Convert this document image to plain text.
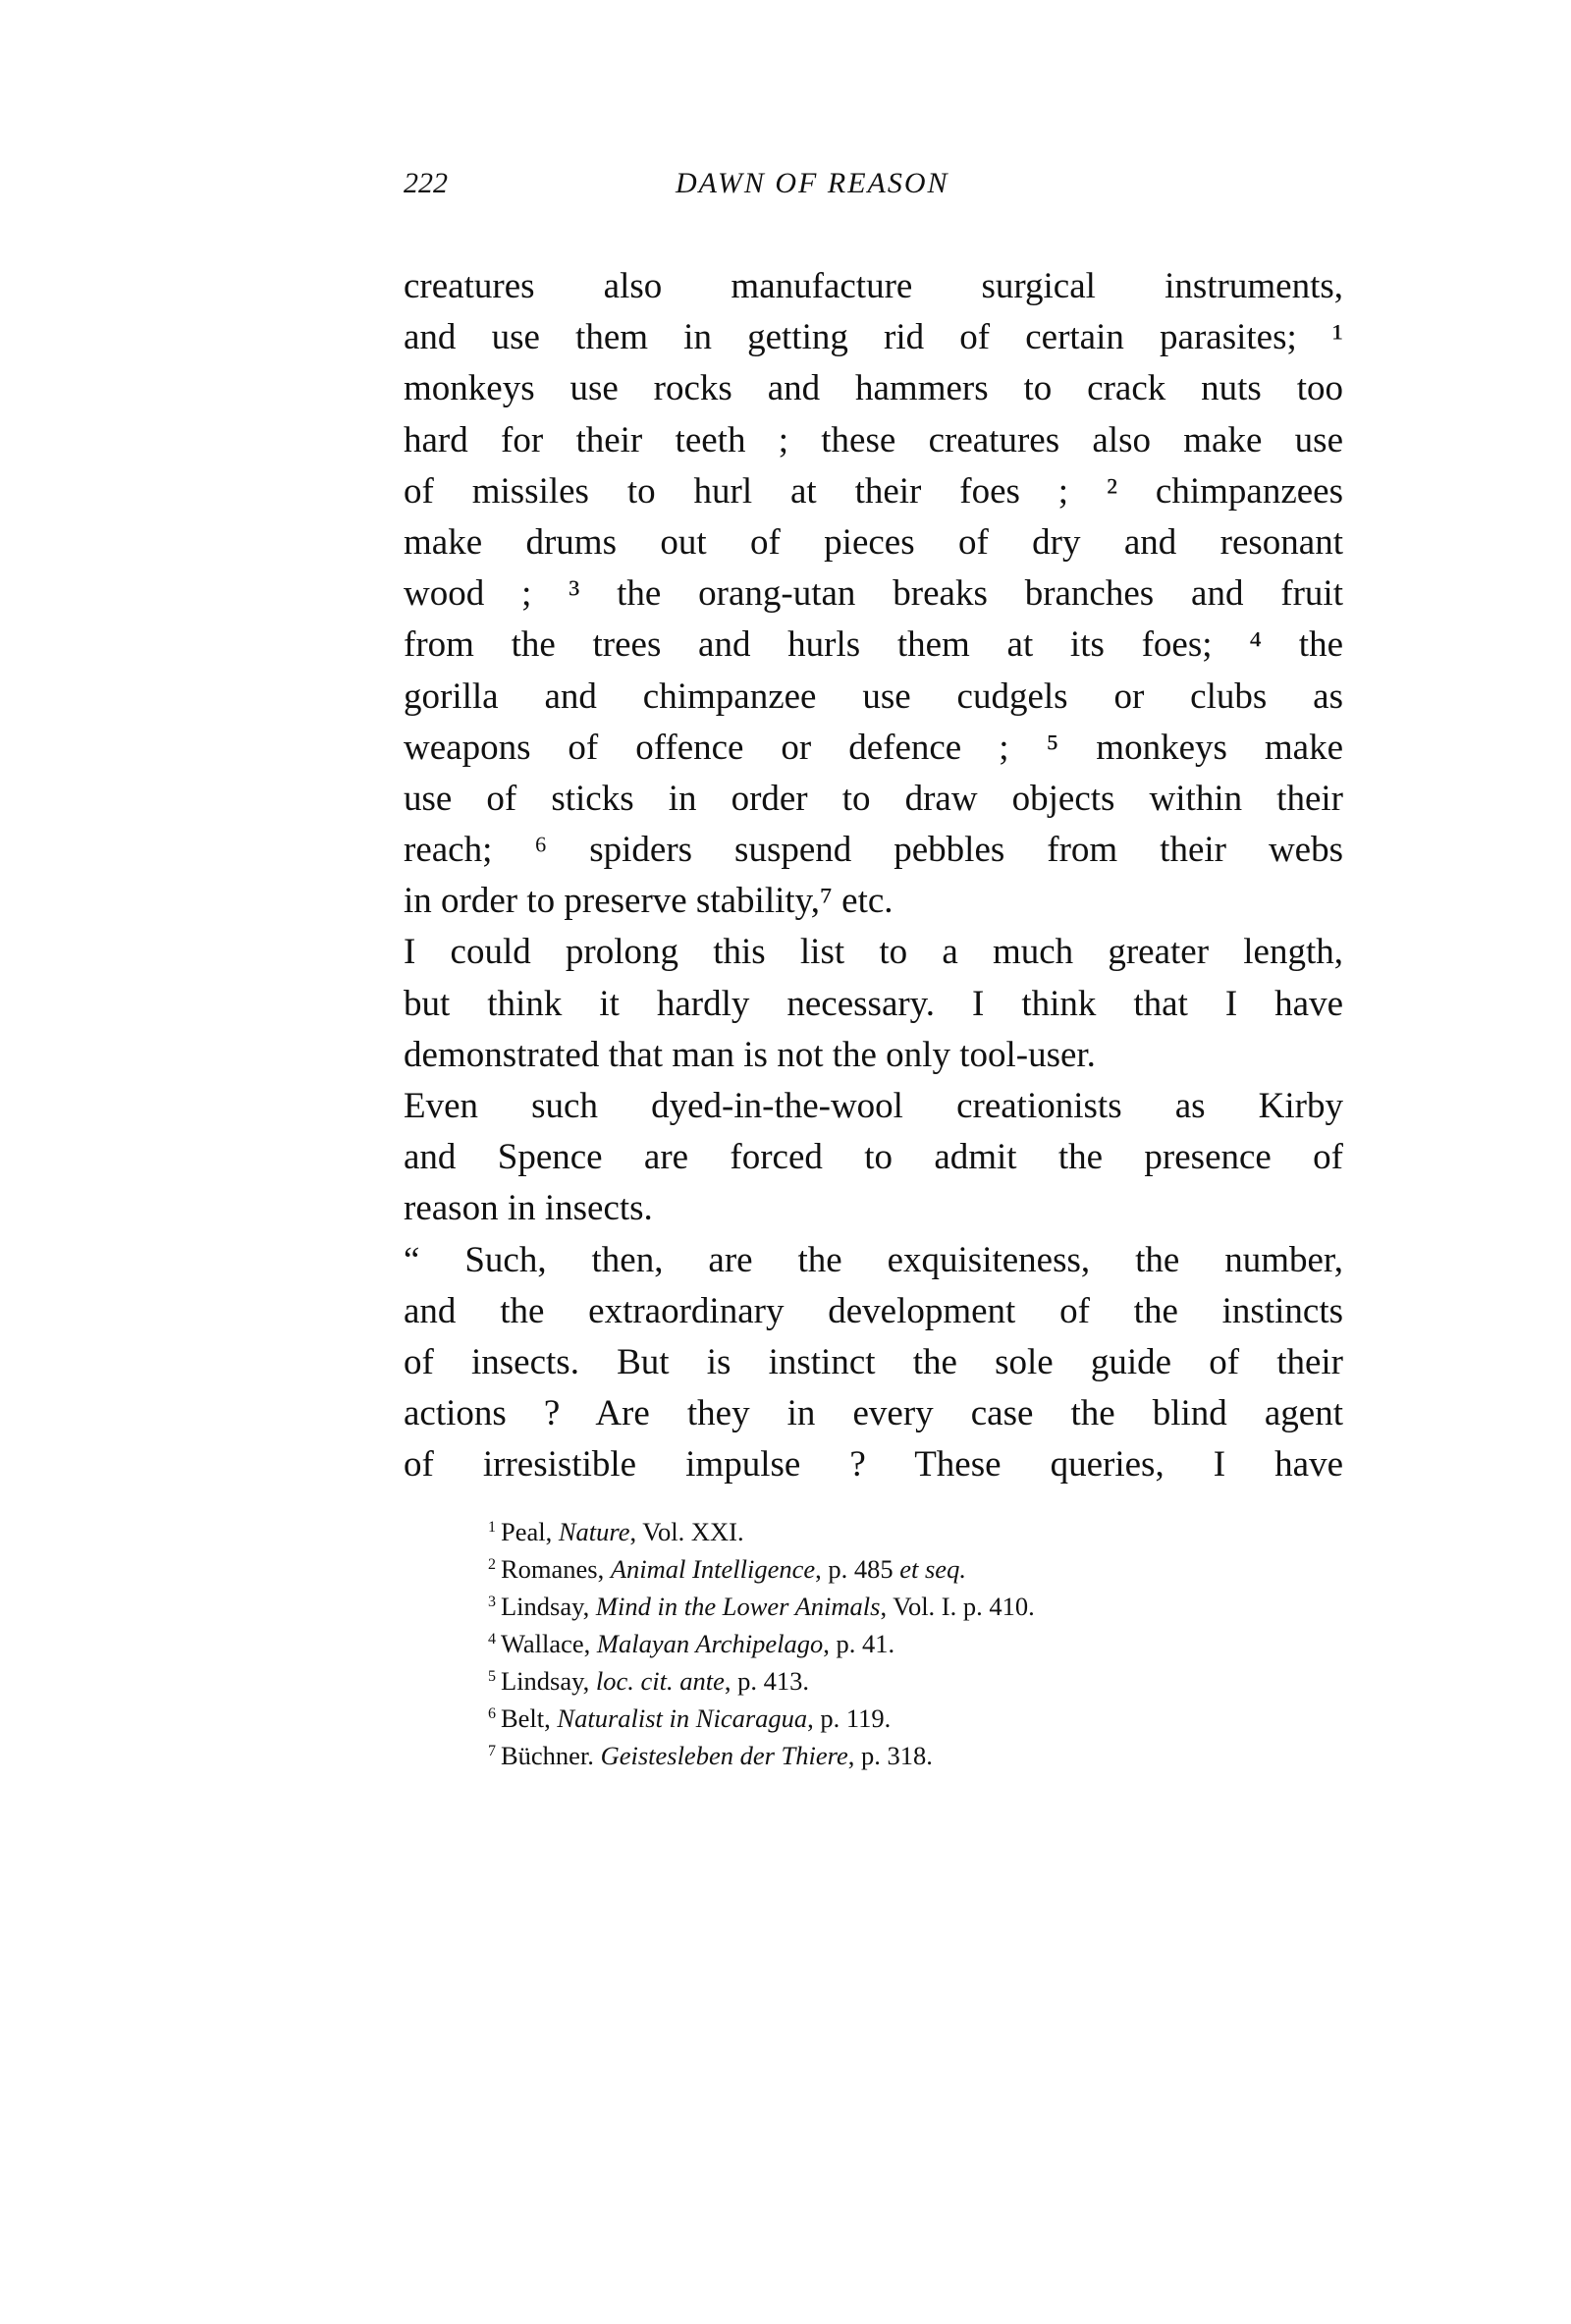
222	DAWN OF REASON
creatures also manufacture surgical instruments,
and use them in getting rid of certain parasites; ¹
monkeys use rocks and hammers to crack nuts too
hard for their teeth ; these creatures also make use
of missiles to hurl at their foes ; ² chimpanzees
make drums out of pieces of dry and resonant
wood ; ³ the orang-utan breaks branches and fruit
from the trees and hurls them at its foes; ⁴ the
gorilla and chimpanzee use cudgels or clubs as
weapons of offence or defence ; ⁵ monkeys make
use of sticks in order to draw objects within their
reach; ⁶ spiders suspend pebbles from their webs
in order to preserve stability,⁷ etc.
I could prolong this list to a much greater length,
but think it hardly necessary. I think that I have
demonstrated that man is not the only tool-user.
Even such dyed-in-the-wool creationists as Kirby
and Spence are forced to admit the presence of
reason in insects.
“ Such, then, are the exquisiteness, the number,
and the extraordinary development of the instincts
of insects. But is instinct the sole guide of their
actions ? Are they in every case the blind agent
of irresistible impulse ? These queries, I have
$^1$ Peal, Nature, Vol. XXI.
$^2$ Romanes, Animal Intelligence, p. 485 et seq.
$^3$ Lindsay, Mind in the Lower Animals, Vol. I. p. 410.
$^4$ Wallace, Malayan Archipelago, p. 41.
$^5$ Lindsay, loc. cit. ante, p. 413.
$^6$ Belt, Naturalist in Nicaragua, p. 119.
$^7$ Büchner. Geistesleben der Thiere, p. 318.
